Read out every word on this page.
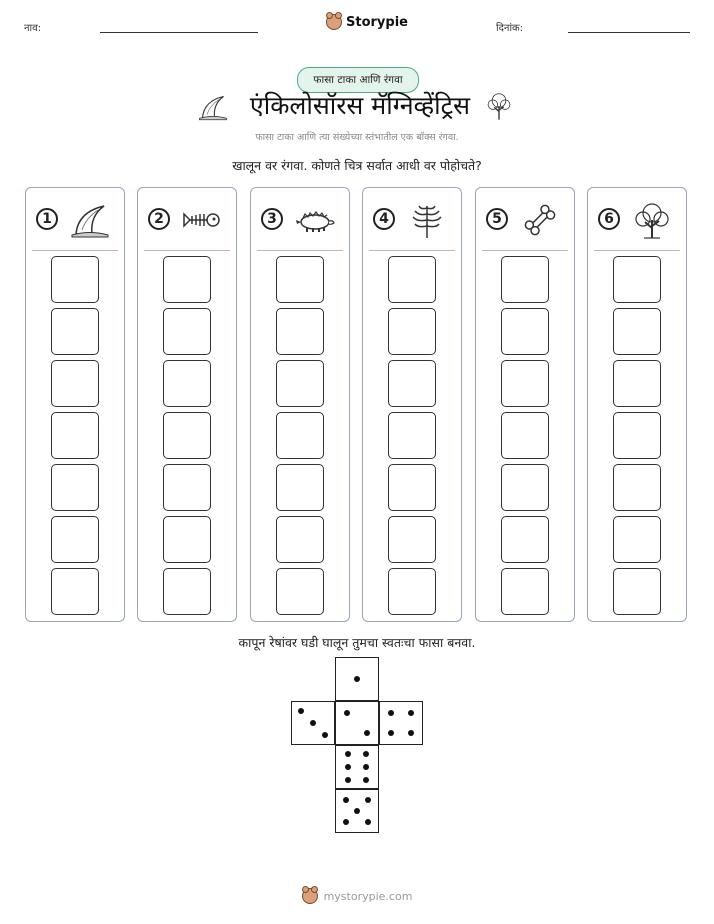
नाव:	Storypie	दिनांक:
फासा टाका आणि रंगवा
एंकिलोसॉरस मॅग्निव्हेंट्रिस
फासा टाका आणि त्या संख्येच्या स्तंभातील एक बॉक्स रंगवा.
खालून वर रंगवा. कोणते चित्र सर्वात आधी वर पोहोचते?
1	2	3	4	5	6
कापून रेषांवर घडी घालून तुमचा स्वतःचा फासा बनवा.
mystorypie.com
